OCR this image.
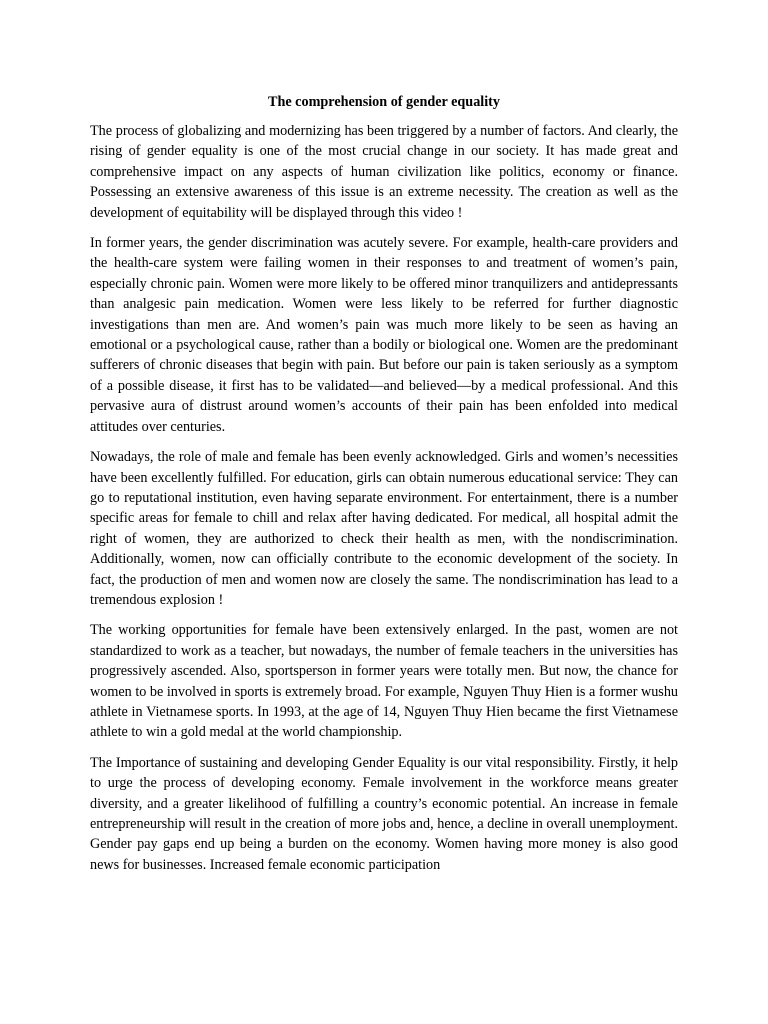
The comprehension of gender equality

The process of globalizing and modernizing has been triggered by a number of factors. And clearly, the rising of gender equality is one of the most crucial change in our society. It has made great and comprehensive impact on any aspects of human civilization like politics, economy or finance. Possessing an extensive awareness of this issue is an extreme necessity. The creation as well as the development of equitability will be displayed through this video !

In former years, the gender discrimination was acutely severe. For example, health-care providers and the health-care system were failing women in their responses to and treatment of women’s pain, especially chronic pain. Women were more likely to be offered minor tranquilizers and antidepressants than analgesic pain medication. Women were less likely to be referred for further diagnostic investigations than men are. And women’s pain was much more likely to be seen as having an emotional or a psychological cause, rather than a bodily or biological one. Women are the predominant sufferers of chronic diseases that begin with pain. But before our pain is taken seriously as a symptom of a possible disease, it first has to be validated—and believed—by a medical professional. And this pervasive aura of distrust around women’s accounts of their pain has been enfolded into medical attitudes over centuries.

Nowadays, the role of male and female has been evenly acknowledged. Girls and women’s necessities have been excellently fulfilled. For education, girls can obtain numerous educational service: They can go to reputational institution, even having separate environment. For entertainment, there is a number specific areas for female to chill and relax after having dedicated. For medical, all hospital admit the right of women, they are authorized to check their health as men, with the nondiscrimination. Additionally, women, now can officially contribute to the economic development of the society. In fact, the production of men and women now are closely the same. The nondiscrimination has lead to a tremendous explosion !

The working opportunities for female have been extensively enlarged. In the past, women are not standardized to work as a teacher, but nowadays, the number of female teachers in the universities has progressively ascended. Also, sportsperson in former years were totally men. But now, the chance for women to be involved in sports is extremely broad. For example, Nguyen Thuy Hien is a former wushu athlete in Vietnamese sports. In 1993, at the age of 14, Nguyen Thuy Hien became the first Vietnamese athlete to win a gold medal at the world championship.

The Importance of sustaining and developing Gender Equality is our vital responsibility. Firstly, it help to urge the process of developing economy. Female involvement in the workforce means greater diversity, and a greater likelihood of fulfilling a country’s economic potential. An increase in female entrepreneurship will result in the creation of more jobs and, hence, a decline in overall unemployment. Gender pay gaps end up being a burden on the economy. Women having more money is also good news for businesses. Increased female economic participation
